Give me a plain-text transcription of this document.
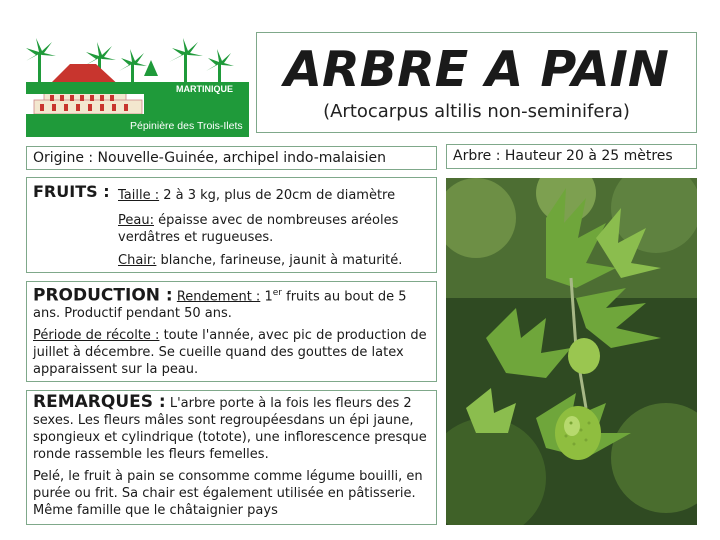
MARTINIQUE
Pépinière des Trois-Ilets
ARBRE A PAIN
(Artocarpus altilis non-seminifera)
Origine : Nouvelle-Guinée, archipel indo-malaisien	Arbre : Hauteur 20 à 25 mètres
FRUITS : Taille : 2 à 3 kg, plus de 20cm de diamètre
Peau: épaisse avec de nombreuses aréoles
verdâtres et rugueuses.
Chair: blanche, farineuse, jaunit à maturité.
PRODUCTION : Rendement : 1er fruits au bout de 5 ans. Productif pendant 50 ans.
Période de récolte : toute l'année, avec pic de production de juillet à décembre. Se cueille quand des gouttes de latex apparaissent sur la peau.
REMARQUES : L'arbre porte à la fois les fleurs des 2 sexes. Les fleurs mâles sont regroupéesdans un épi jaune, spongieux et cylindrique (totote), une inflorescence presque ronde rassemble les fleurs femelles.
Pelé, le fruit à pain se consomme comme légume bouilli, en purée ou frit. Sa chair est également utilisée en pâtisserie. Même famille que le châtaignier pays
